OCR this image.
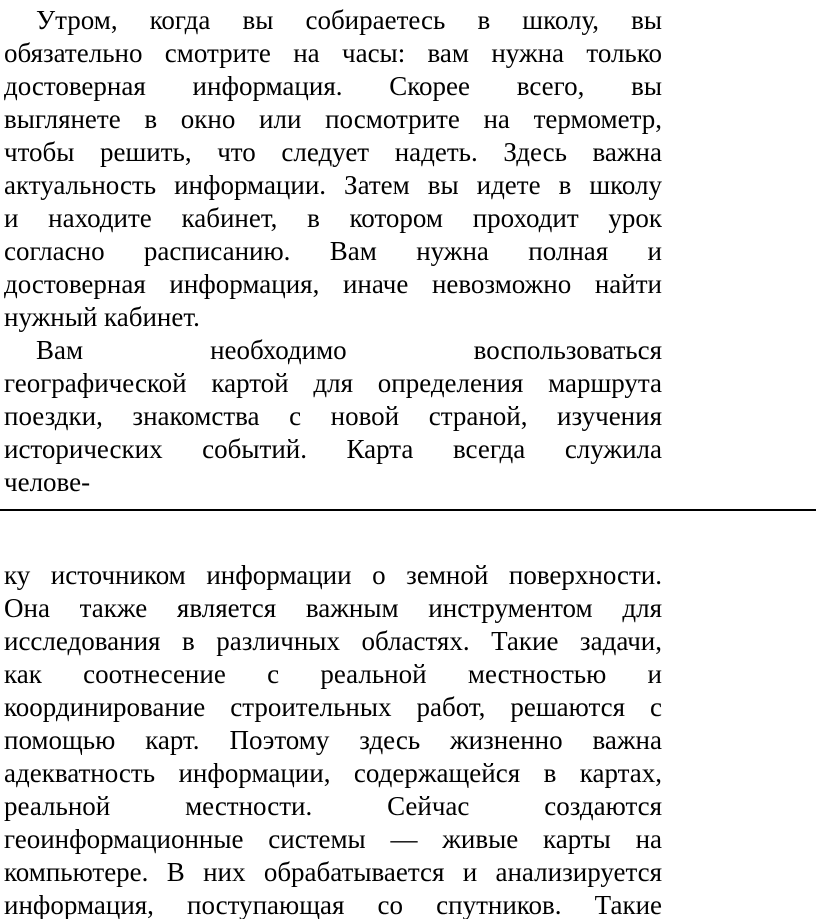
Утром, когда вы собираетесь в школу, вы
обязательно смотрите на часы: вам нужна только
достоверная информация. Скорее всего, вы
выглянете в окно или посмотрите на термометр,
чтобы решить, что следует надеть. Здесь важна
актуальность информации. Затем вы идете в школу
и находите кабинет, в котором проходит урок
согласно расписанию. Вам нужна полная и
достоверная информация, иначе невозможно найти
нужный кабинет.
Вам необходимо воспользоваться
географической картой для определения маршрута
поездки, знакомства с новой страной, изучения
исторических событий. Карта всегда служила
челове-
ку источником информации о земной поверхности.
Она также является важным инструментом для
исследования в различных областях. Такие задачи,
как соотнесение с реальной местностью и
координирование строительных работ, решаются с
помощью карт. Поэтому здесь жизненно важна
адекватность информации, содержащейся в картах,
реальной местности. Сейчас создаются
геоинформационные системы — живые карты на
компьютере. В них обрабатывается и анализируется
информация, поступающая со спутников. Такие
